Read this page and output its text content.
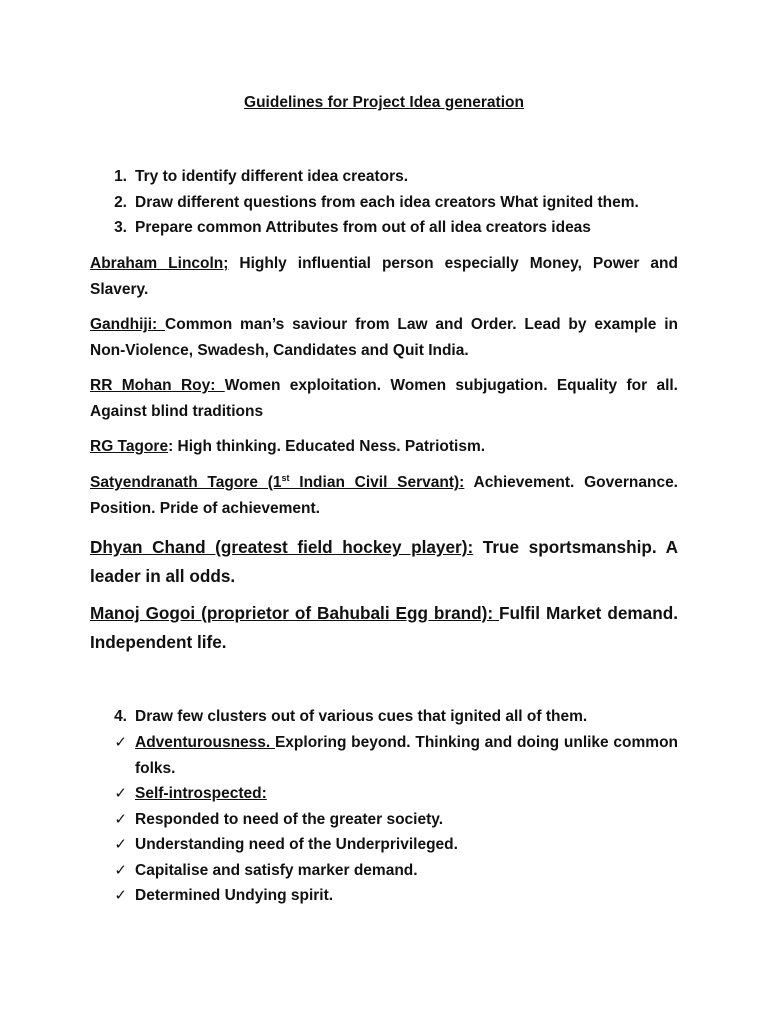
Guidelines for Project Idea generation
1. Try to identify different idea creators.
2. Draw different questions from each idea creators What ignited them.
3. Prepare common Attributes from out of all idea creators ideas
Abraham Lincoln; Highly influential person especially Money, Power and Slavery.
Gandhiji: Common man’s saviour from Law and Order. Lead by example in Non-Violence, Swadesh, Candidates and Quit India.
RR Mohan Roy: Women exploitation. Women subjugation. Equality for all. Against blind traditions
RG Tagore: High thinking. Educated Ness. Patriotism.
Satyendranath Tagore (1st Indian Civil Servant): Achievement. Governance. Position. Pride of achievement.
Dhyan Chand (greatest field hockey player): True sportsmanship. A leader in all odds.
Manoj Gogoi (proprietor of Bahubali Egg brand): Fulfil Market demand. Independent life.
4. Draw few clusters out of various cues that ignited all of them.
✓ Adventurousness. Exploring beyond. Thinking and doing unlike common folks.
✓ Self-introspected:
✓ Responded to need of the greater society.
✓ Understanding need of the Underprivileged.
✓ Capitalise and satisfy marker demand.
✓ Determined Undying spirit.
